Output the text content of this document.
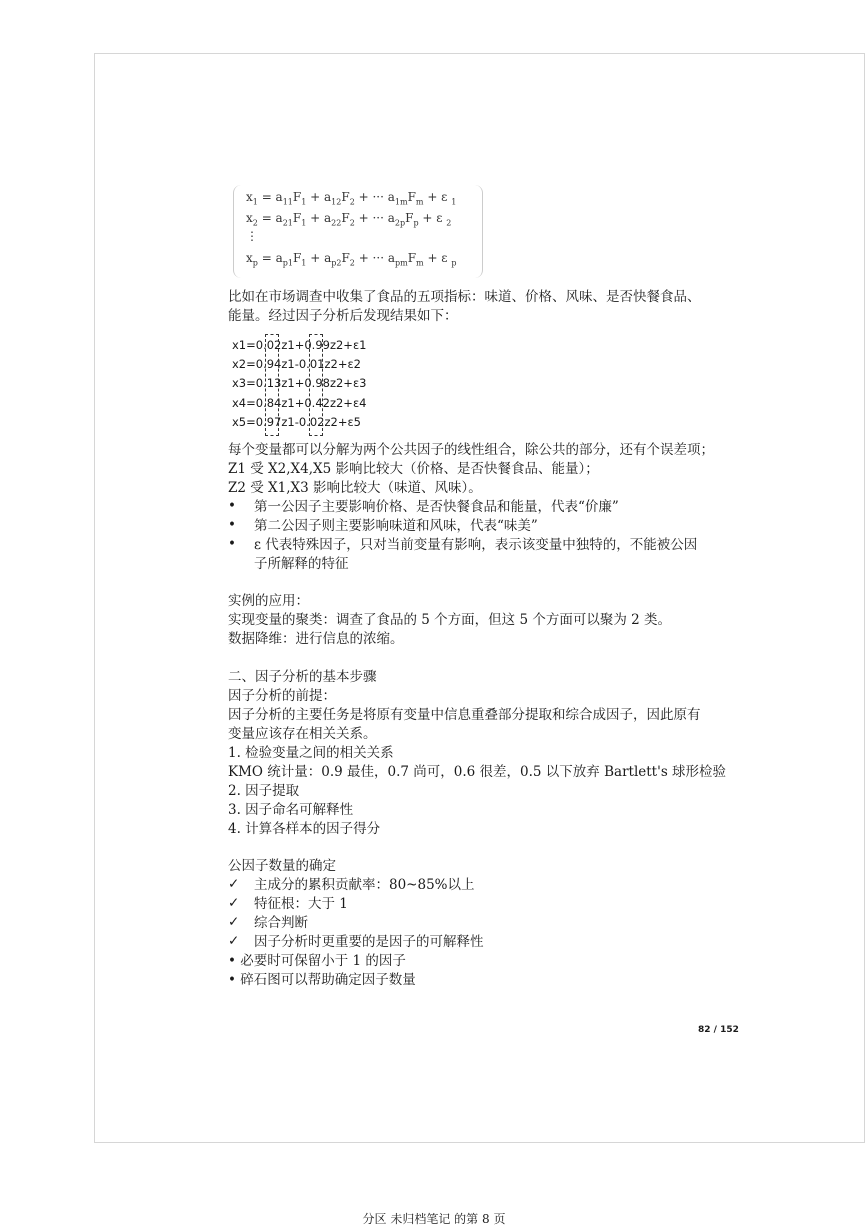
$x_1 = a_{11}F_1 + a_{12}F_2$ + ··· $a_{1m}F_m + \varepsilon$ $_1$
$x_2 = a_{21}F_1 + a_{22}F_2$ + ··· $a_{2p}F_p + \varepsilon$ $_2$
⋮
$x_p = a_{p1}F_1 + a_{p2}F_2$ + ··· $a_{pm}F_m + \varepsilon$ $_p$
比如在市场调查中收集了食品的五项指标：味道、价格、风味、是否快餐食品、
能量。经过因子分析后发现结果如下：
x1=0.02z1+0.99z2+ε1
x2=0.94z1-0.01z2+ε2
x3=0.13z1+0.98z2+ε3
x4=0.84z1+0.42z2+ε4
x5=0.97z1-0.02z2+ε5
每个变量都可以分解为两个公共因子的线性组合，除公共的部分，还有个误差项；
Z1 受 X2,X4,X5 影响比较大（价格、是否快餐食品、能量）；
Z2 受 X1,X3 影响比较大（味道、风味）。
• 第一公因子主要影响价格、是否快餐食品和能量，代表“价廉”
• 第二公因子则主要影响味道和风味，代表“味美”
• ε 代表特殊因子，只对当前变量有影响，表示该变量中独特的，不能被公因
子所解释的特征
实例的应用：
实现变量的聚类：调查了食品的 5 个方面，但这 5 个方面可以聚为 2 类。
数据降维：进行信息的浓缩。
二、因子分析的基本步骤
因子分析的前提：
因子分析的主要任务是将原有变量中信息重叠部分提取和综合成因子，因此原有
变量应该存在相关关系。
1. 检验变量之间的相关关系
KMO 统计量：0.9 最佳，0.7 尚可，0.6 很差，0.5 以下放弃 Bartlett's 球形检验
2. 因子提取
3. 因子命名可解释性
4. 计算各样本的因子得分
公因子数量的确定
✓ 主成分的累积贡献率：80~85%以上
✓ 特征根：大于 1
✓ 综合判断
✓ 因子分析时更重要的是因子的可解释性
• 必要时可保留小于 1 的因子
• 碎石图可以帮助确定因子数量
82 / 152
分区 未归档笔记 的第 8 页
